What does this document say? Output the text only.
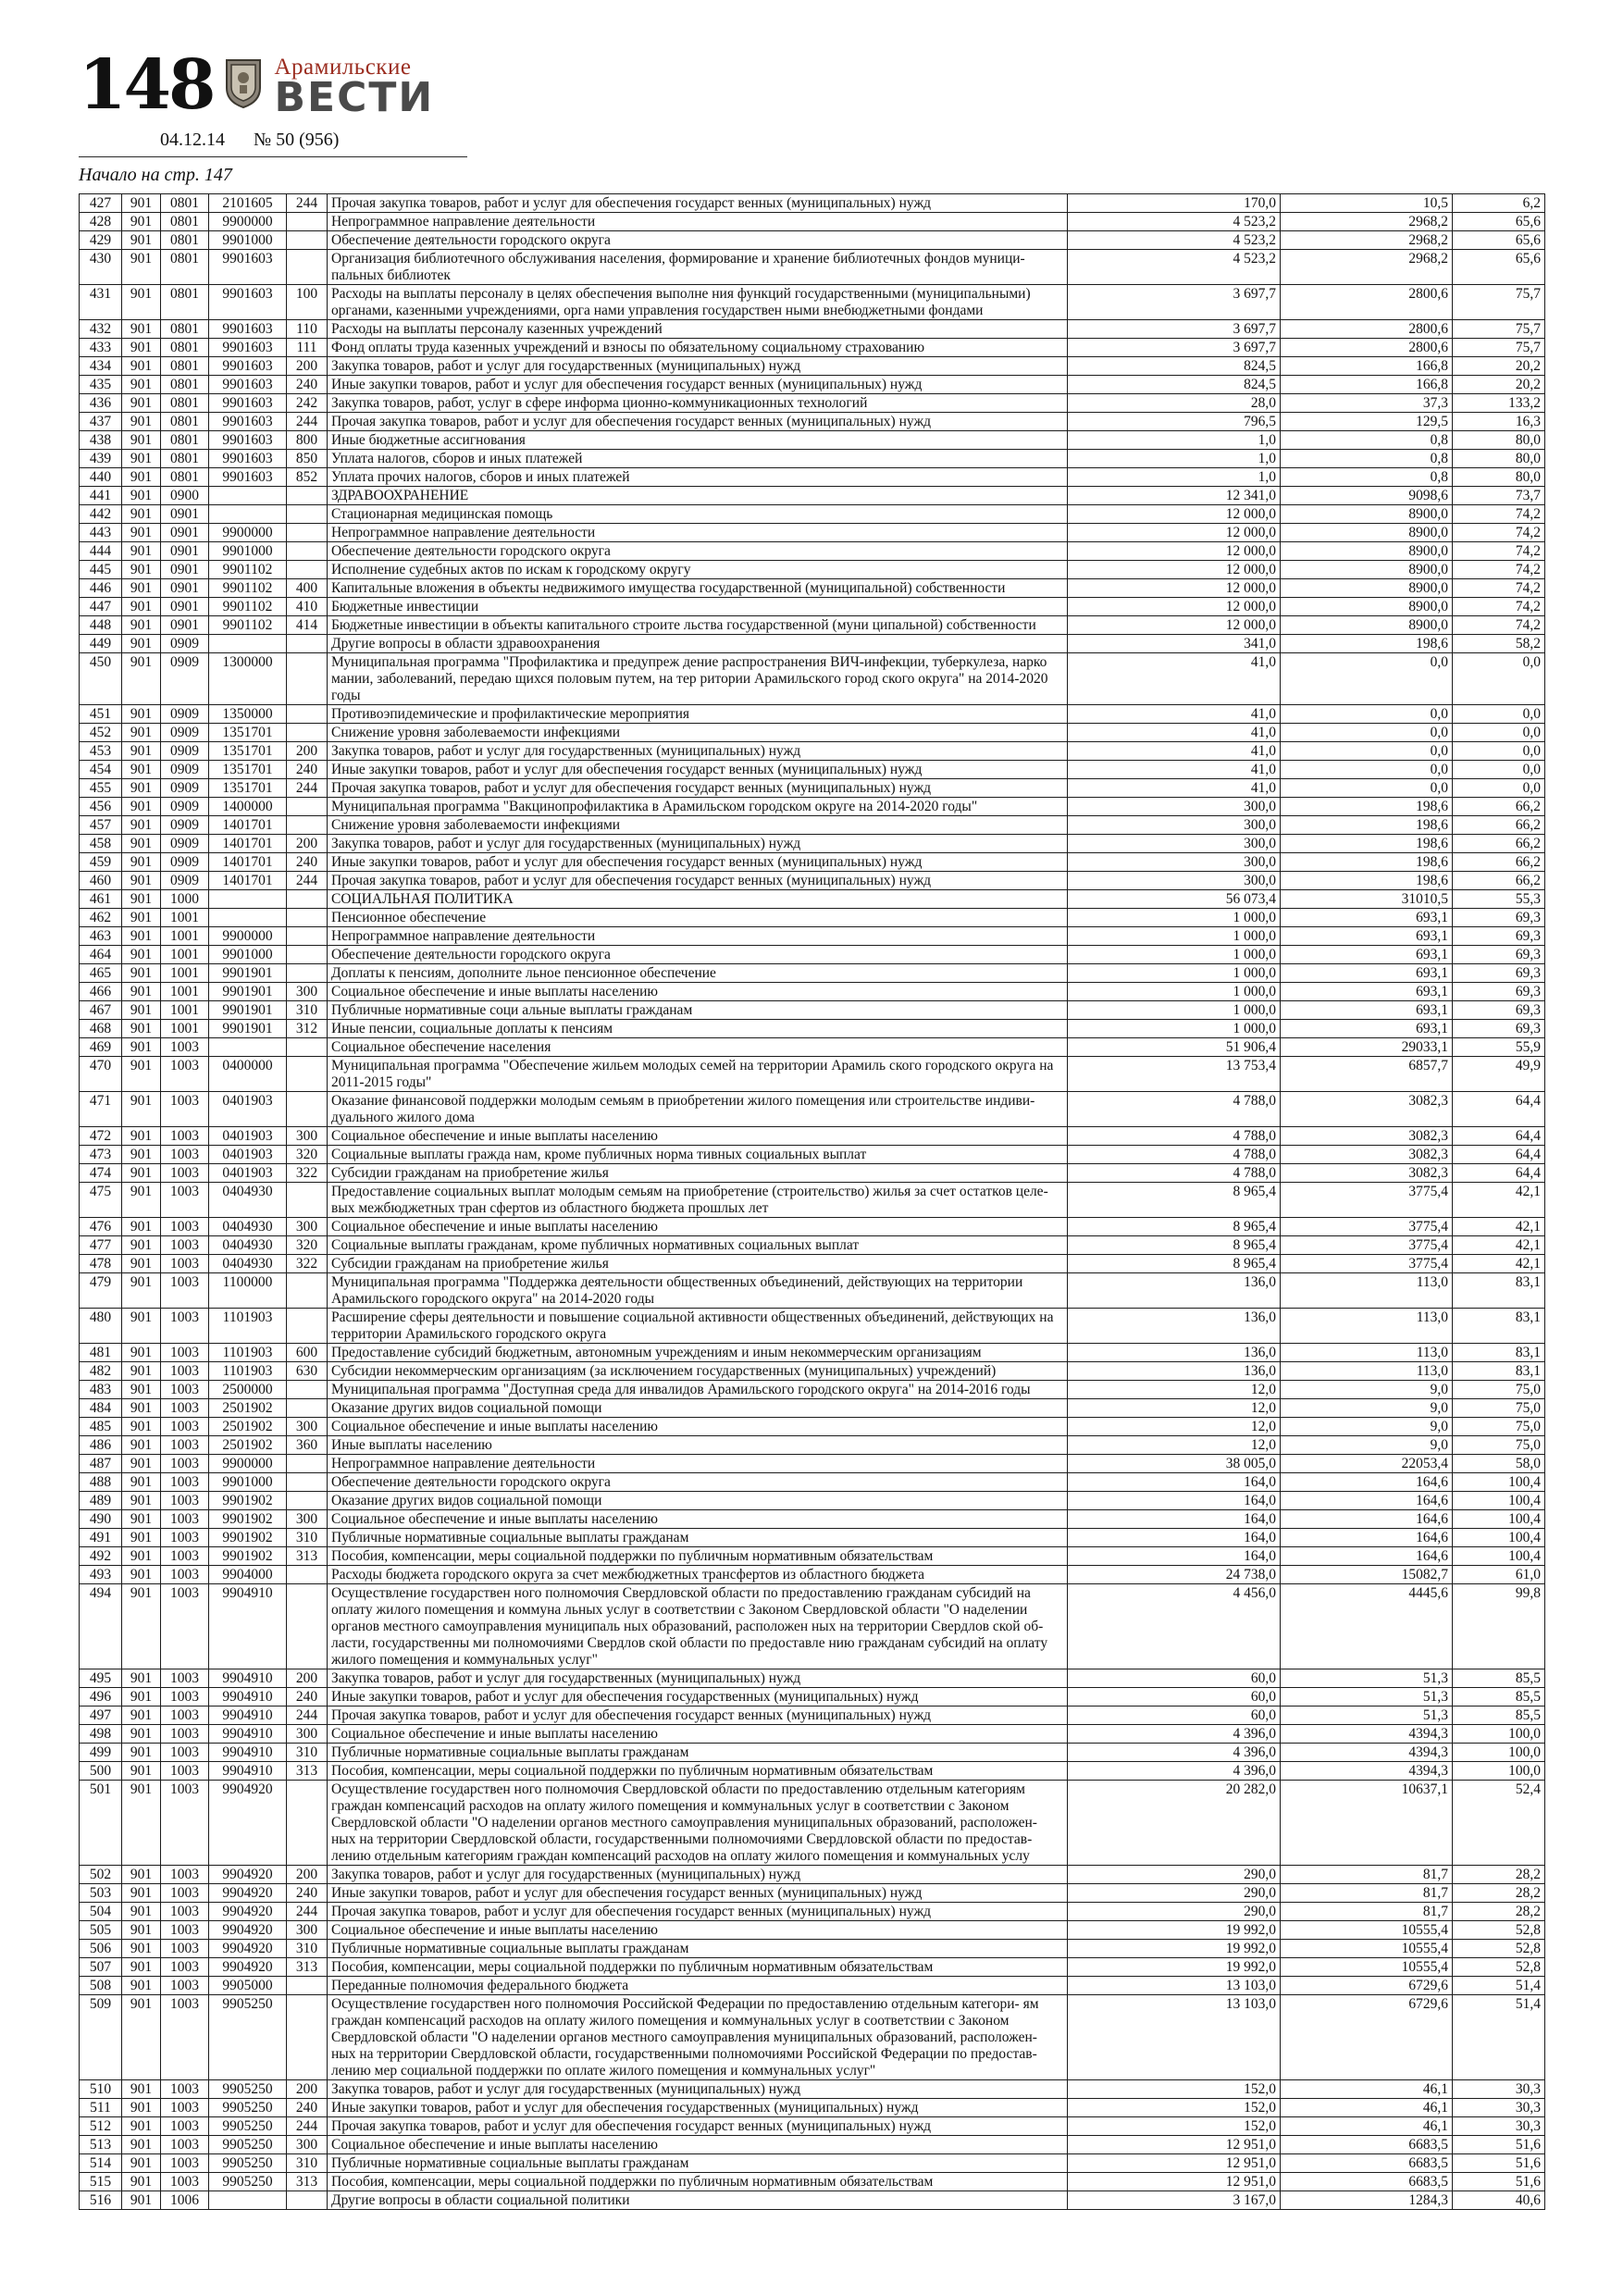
148	Арамильские
ВЕСТИ
04.12.14 № 50 (956)
Начало на стр. 147
427	901	0801	2101605	244	Прочая закупка товаров, работ и услуг для обеспечения государст венных (муниципальных) нужд	170,0	10,5	6,2
428	901	0801	9900000		Непрограммное направление деятельности	4 523,2	2968,2	65,6
429	901	0801	9901000		Обеспечение деятельности городского округа	4 523,2	2968,2	65,6
430	901	0801	9901603		Организация библиотечного обслуживания населения, формирование и хранение библиотечных фондов муници- пальных библиотек	4 523,2	2968,2	65,6
431	901	0801	9901603	100	Расходы на выплаты персоналу в целях обеспечения выполне ния функций государственными (муниципальными) органами, казенными учреждениями, орга нами управления государствен ными внебюджетными фондами	3 697,7	2800,6	75,7
432	901	0801	9901603	110	Расходы на выплаты персоналу казенных учреждений	3 697,7	2800,6	75,7
433	901	0801	9901603	111	Фонд оплаты труда казенных учреждений и взносы по обязательному социальному страхованию	3 697,7	2800,6	75,7
434	901	0801	9901603	200	Закупка товаров, работ и услуг для государственных (муниципальных) нужд	824,5	166,8	20,2
435	901	0801	9901603	240	Иные закупки товаров, работ и услуг для обеспечения государст венных (муниципальных) нужд	824,5	166,8	20,2
436	901	0801	9901603	242	Закупка товаров, работ, услуг в сфере информа ционно-коммуникационных технологий	28,0	37,3	133,2
437	901	0801	9901603	244	Прочая закупка товаров, работ и услуг для обеспечения государст венных (муниципальных) нужд	796,5	129,5	16,3
438	901	0801	9901603	800	Иные бюджетные ассигнования	1,0	0,8	80,0
439	901	0801	9901603	850	Уплата налогов, сборов и иных платежей	1,0	0,8	80,0
440	901	0801	9901603	852	Уплата прочих налогов, сборов и иных платежей	1,0	0,8	80,0
441	901	0900			ЗДРАВООХРАНЕНИЕ	12 341,0	9098,6	73,7
442	901	0901			Стационарная медицинская помощь	12 000,0	8900,0	74,2
443	901	0901	9900000		Непрограммное направление деятельности	12 000,0	8900,0	74,2
444	901	0901	9901000		Обеспечение деятельности городского округа	12 000,0	8900,0	74,2
445	901	0901	9901102		Исполнение судебных актов по искам к городскому округу	12 000,0	8900,0	74,2
446	901	0901	9901102	400	Капитальные вложения в объекты недвижимого имущества государственной (муниципальной) собственности	12 000,0	8900,0	74,2
447	901	0901	9901102	410	Бюджетные инвестиции	12 000,0	8900,0	74,2
448	901	0901	9901102	414	Бюджетные инвестиции в объекты капитального строите льства государственной (муни ципальной) собственности	12 000,0	8900,0	74,2
449	901	0909			Другие вопросы в области здравоохранения	341,0	198,6	58,2
450	901	0909	1300000		Муниципальная программа "Профилактика и предупреж дение распространения ВИЧ-инфекции, туберкулеза, нарко мании, заболеваний, передаю щихся половым путем, на тер ритории Арамильского город ского округа" на 2014-2020 годы	41,0	0,0	0,0
451	901	0909	1350000		Противоэпидемические и профилактические мероприятия	41,0	0,0	0,0
452	901	0909	1351701		Снижение уровня заболеваемости инфекциями	41,0	0,0	0,0
453	901	0909	1351701	200	Закупка товаров, работ и услуг для государственных (муниципальных) нужд	41,0	0,0	0,0
454	901	0909	1351701	240	Иные закупки товаров, работ и услуг для обеспечения государст венных (муниципальных) нужд	41,0	0,0	0,0
455	901	0909	1351701	244	Прочая закупка товаров, работ и услуг для обеспечения государст венных (муниципальных) нужд	41,0	0,0	0,0
456	901	0909	1400000		Муниципальная программа "Вакцинопрофилактика в Арамильском городском округе на 2014-2020 годы"	300,0	198,6	66,2
457	901	0909	1401701		Снижение уровня заболеваемости инфекциями	300,0	198,6	66,2
458	901	0909	1401701	200	Закупка товаров, работ и услуг для государственных (муниципальных) нужд	300,0	198,6	66,2
459	901	0909	1401701	240	Иные закупки товаров, работ и услуг для обеспечения государст венных (муниципальных) нужд	300,0	198,6	66,2
460	901	0909	1401701	244	Прочая закупка товаров, работ и услуг для обеспечения государст венных (муниципальных) нужд	300,0	198,6	66,2
461	901	1000			СОЦИАЛЬНАЯ ПОЛИТИКА	56 073,4	31010,5	55,3
462	901	1001			Пенсионное обеспечение	1 000,0	693,1	69,3
463	901	1001	9900000		Непрограммное направление деятельности	1 000,0	693,1	69,3
464	901	1001	9901000		Обеспечение деятельности городского округа	1 000,0	693,1	69,3
465	901	1001	9901901		Доплаты к пенсиям, дополните льное пенсионное обеспечение	1 000,0	693,1	69,3
466	901	1001	9901901	300	Социальное обеспечение и иные выплаты населению	1 000,0	693,1	69,3
467	901	1001	9901901	310	Публичные нормативные соци альные выплаты гражданам	1 000,0	693,1	69,3
468	901	1001	9901901	312	Иные пенсии, социальные доплаты к пенсиям	1 000,0	693,1	69,3
469	901	1003			Социальное обеспечение населения	51 906,4	29033,1	55,9
470	901	1003	0400000		Муниципальная программа "Обеспечение жильем молодых семей на территории Арамиль ского городского округа на 2011-2015 годы"	13 753,4	6857,7	49,9
471	901	1003	0401903		Оказание финансовой поддержки молодым семьям в приобретении жилого помещения или строительстве индиви- дуального жилого дома	4 788,0	3082,3	64,4
472	901	1003	0401903	300	Социальное обеспечение и иные выплаты населению	4 788,0	3082,3	64,4
473	901	1003	0401903	320	Социальные выплаты гражда нам, кроме публичных норма тивных социальных выплат	4 788,0	3082,3	64,4
474	901	1003	0401903	322	Субсидии гражданам на приобретение жилья	4 788,0	3082,3	64,4
475	901	1003	0404930		Предоставление социальных выплат молодым семьям на приобретение (строительство) жилья за счет остатков целе- вых межбюджетных тран сфертов из областного бюджета прошлых лет	8 965,4	3775,4	42,1
476	901	1003	0404930	300	Социальное обеспечение и иные выплаты населению	8 965,4	3775,4	42,1
477	901	1003	0404930	320	Социальные выплаты гражданам, кроме публичных нормативных социальных выплат	8 965,4	3775,4	42,1
478	901	1003	0404930	322	Субсидии гражданам на приобретение жилья	8 965,4	3775,4	42,1
479	901	1003	1100000		Муниципальная программа "Поддержка деятельности общественных объединений, действующих на территории Арамильского городского округа" на 2014-2020 годы	136,0	113,0	83,1
480	901	1003	1101903		Расширение сферы деятельности и повышение социальной активности общественных объединений, действующих на территории Арамильского городского округа	136,0	113,0	83,1
481	901	1003	1101903	600	Предоставление субсидий бюджетным, автономным учреждениям и иным некоммерческим организациям	136,0	113,0	83,1
482	901	1003	1101903	630	Субсидии некоммерческим организациям (за исключением государственных (муниципальных) учреждений)	136,0	113,0	83,1
483	901	1003	2500000		Муниципальная программа "Доступная среда для инвалидов Арамильского городского округа" на 2014-2016 годы	12,0	9,0	75,0
484	901	1003	2501902		Оказание других видов социальной помощи	12,0	9,0	75,0
485	901	1003	2501902	300	Социальное обеспечение и иные выплаты населению	12,0	9,0	75,0
486	901	1003	2501902	360	Иные выплаты населению	12,0	9,0	75,0
487	901	1003	9900000		Непрограммное направление деятельности	38 005,0	22053,4	58,0
488	901	1003	9901000		Обеспечение деятельности городского округа	164,0	164,6	100,4
489	901	1003	9901902		Оказание других видов социальной помощи	164,0	164,6	100,4
490	901	1003	9901902	300	Социальное обеспечение и иные выплаты населению	164,0	164,6	100,4
491	901	1003	9901902	310	Публичные нормативные социальные выплаты гражданам	164,0	164,6	100,4
492	901	1003	9901902	313	Пособия, компенсации, меры социальной поддержки по публичным нормативным обязательствам	164,0	164,6	100,4
493	901	1003	9904000		Расходы бюджета городского округа за счет межбюджетных трансфертов из областного бюджета	24 738,0	15082,7	61,0
494	901	1003	9904910		Осуществление государствен ного полномочия Свердловской области по предоставлению гражданам субсидий на оплату жилого помещения и коммуна льных услуг в соответствии с Законом Свердловской области "О наделении органов местного самоуправления муниципаль ных образований, расположен ных на территории Свердлов ской об- ласти, государственны ми полномочиями Свердлов ской области по предоставле нию гражданам субсидий на оплату жилого помещения и коммунальных услуг"	4 456,0	4445,6	99,8
495	901	1003	9904910	200	Закупка товаров, работ и услуг для государственных (муниципальных) нужд	60,0	51,3	85,5
496	901	1003	9904910	240	Иные закупки товаров, работ и услуг для обеспечения государственных (муниципальных) нужд	60,0	51,3	85,5
497	901	1003	9904910	244	Прочая закупка товаров, работ и услуг для обеспечения государст венных (муниципальных) нужд	60,0	51,3	85,5
498	901	1003	9904910	300	Социальное обеспечение и иные выплаты населению	4 396,0	4394,3	100,0
499	901	1003	9904910	310	Публичные нормативные социальные выплаты гражданам	4 396,0	4394,3	100,0
500	901	1003	9904910	313	Пособия, компенсации, меры социальной поддержки по публичным нормативным обязательствам	4 396,0	4394,3	100,0
501	901	1003	9904920		Осуществление государствен ного полномочия Свердловской области по предоставлению отдельным категориям граждан компенсаций расходов на оплату жилого помещения и коммунальных услуг в соответствии с Законом Свердловской области "О наделении органов местного самоуправления муниципальных образований, расположен- ных на территории Свердловской области, государственными полномочиями Свердловской области по предостав- лению отдельным категориям граждан компенсаций расходов на оплату жилого помещения и коммунальных услу	20 282,0	10637,1	52,4
502	901	1003	9904920	200	Закупка товаров, работ и услуг для государственных (муниципальных) нужд	290,0	81,7	28,2
503	901	1003	9904920	240	Иные закупки товаров, работ и услуг для обеспечения государст венных (муниципальных) нужд	290,0	81,7	28,2
504	901	1003	9904920	244	Прочая закупка товаров, работ и услуг для обеспечения государст венных (муниципальных) нужд	290,0	81,7	28,2
505	901	1003	9904920	300	Социальное обеспечение и иные выплаты населению	19 992,0	10555,4	52,8
506	901	1003	9904920	310	Публичные нормативные социальные выплаты гражданам	19 992,0	10555,4	52,8
507	901	1003	9904920	313	Пособия, компенсации, меры социальной поддержки по публичным нормативным обязательствам	19 992,0	10555,4	52,8
508	901	1003	9905000		Переданные полномочия федерального бюджета	13 103,0	6729,6	51,4
509	901	1003	9905250		Осуществление государствен ного полномочия Российской Федерации по предоставлению отдельным категори- ям граждан компенсаций расходов на оплату жилого помещения и коммунальных услуг в соответствии с Законом Свердловской области "О наделении органов местного самоуправления муниципальных образований, расположен- ных на территории Свердловской области, государственными полномочиями Российской Федерации по предостав- лению мер социальной поддержки по оплате жилого помещения и коммунальных услуг"	13 103,0	6729,6	51,4
510	901	1003	9905250	200	Закупка товаров, работ и услуг для государственных (муниципальных) нужд	152,0	46,1	30,3
511	901	1003	9905250	240	Иные закупки товаров, работ и услуг для обеспечения государственных (муниципальных) нужд	152,0	46,1	30,3
512	901	1003	9905250	244	Прочая закупка товаров, работ и услуг для обеспечения государст венных (муниципальных) нужд	152,0	46,1	30,3
513	901	1003	9905250	300	Социальное обеспечение и иные выплаты населению	12 951,0	6683,5	51,6
514	901	1003	9905250	310	Публичные нормативные социальные выплаты гражданам	12 951,0	6683,5	51,6
515	901	1003	9905250	313	Пособия, компенсации, меры социальной поддержки по публичным нормативным обязательствам	12 951,0	6683,5	51,6
516	901	1006			Другие вопросы в области социальной политики	3 167,0	1284,3	40,6
